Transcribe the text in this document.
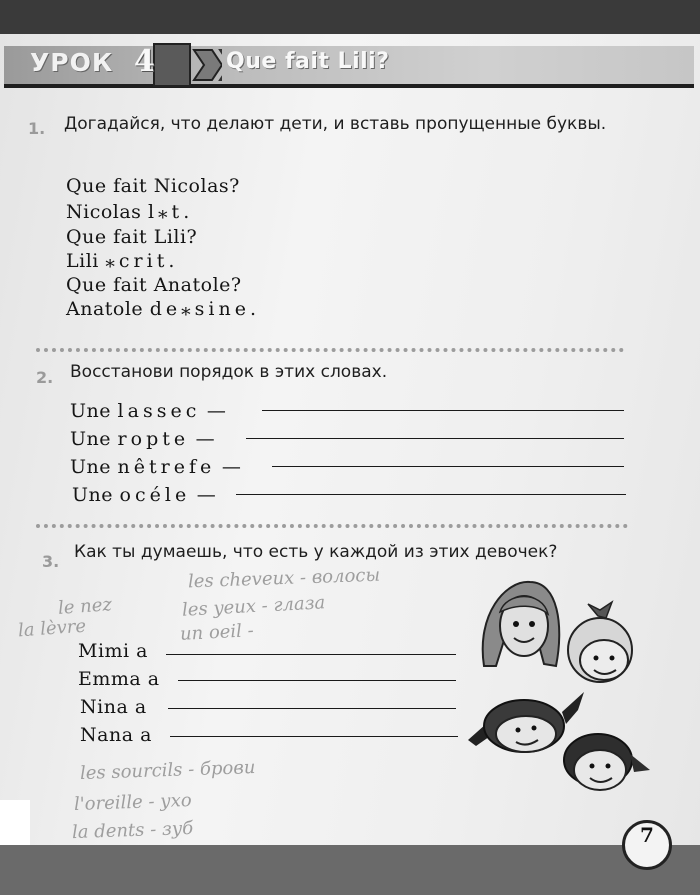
УРОК 4	Que fait Lili?
1. Догадайся, что делают дети, и вставь пропущенные буквы.
Que fait Nicolas?
Nicolas l⁎t.
Que fait Lili?
Lili ⁎crit.
Que fait Anatole?
Anatole de⁎sine.
2. Восстанови порядок в этих словах.
Une lassec —
Une ropte —
Une nêtrefe —
Une océle —
3. Как ты думаешь, что есть у каждой из этих девочек?
les cheveux - волосы
les yeux - глаза
un oeil -
le nez
la lèvre
Mimi a
Emma a
Nina a
Nana a
les sourcils - брови
l'oreille - ухо
la dents - зуб	7
